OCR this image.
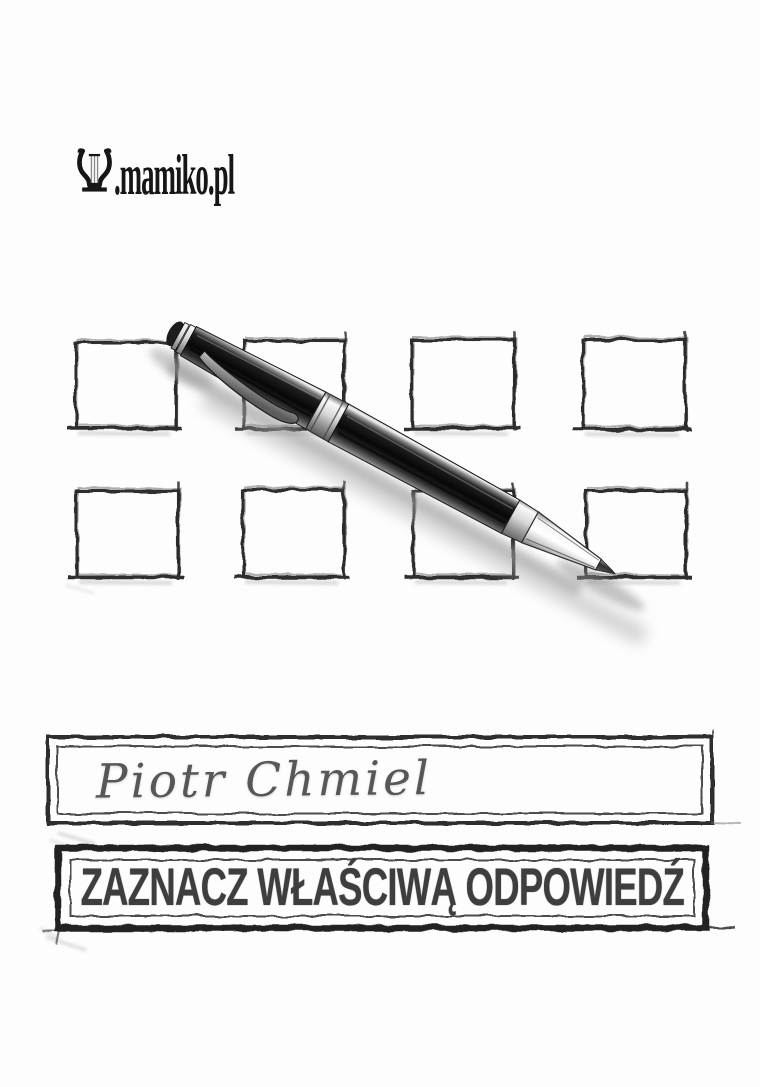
.mamiko.pl
Piotr Chmiel
ZAZNACZ WŁAŚCIWĄ ODPOWIEDŹ
